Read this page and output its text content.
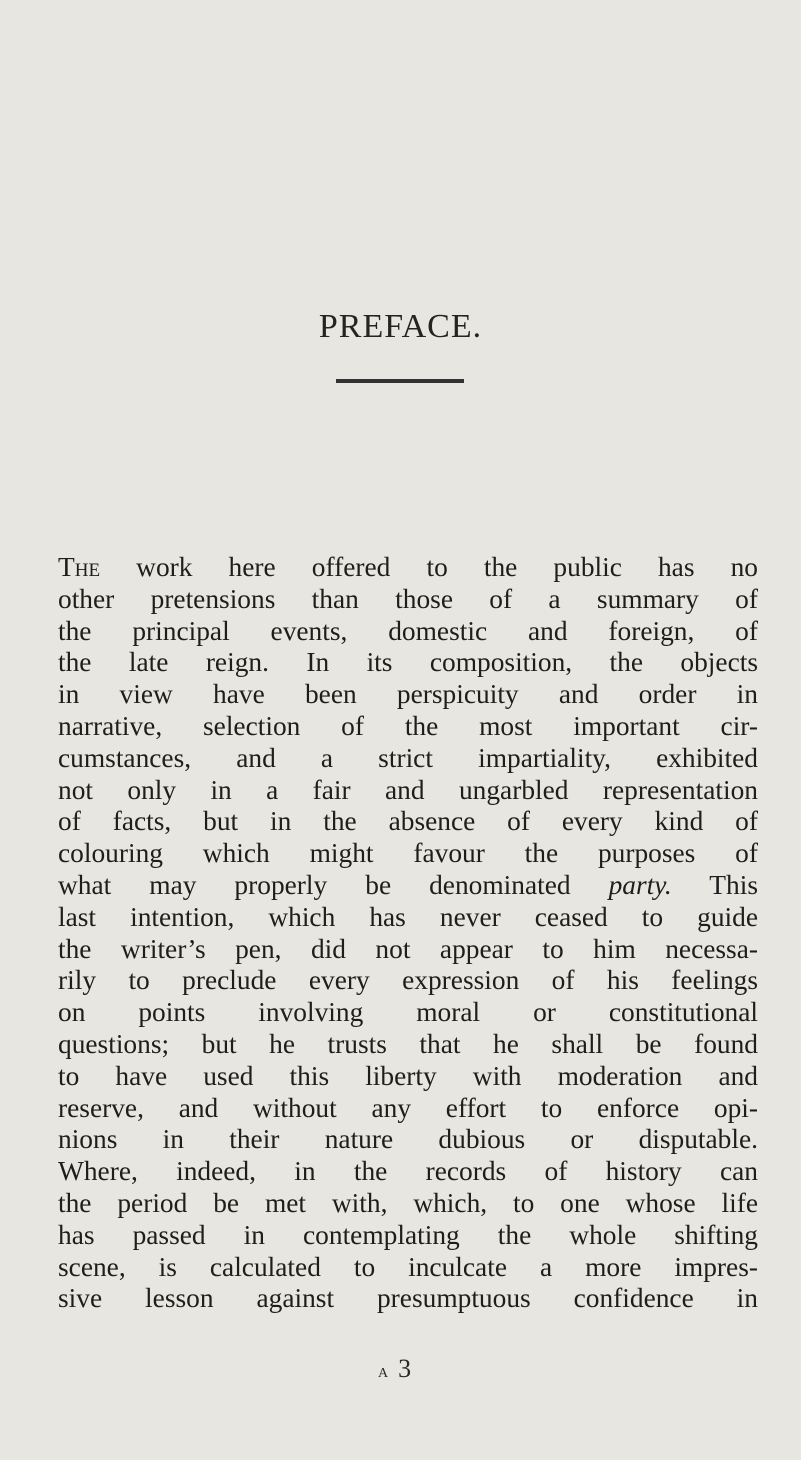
PREFACE.
The work here offered to the public has no
other pretensions than those of a summary of
the principal events, domestic and foreign, of
the late reign. In its composition, the objects
in view have been perspicuity and order in
narrative, selection of the most important cir-
cumstances, and a strict impartiality, exhibited
not only in a fair and ungarbled representation
of facts, but in the absence of every kind of
colouring which might favour the purposes of
what may properly be denominated party. This
last intention, which has never ceased to guide
the writer’s pen, did not appear to him necessa-
rily to preclude every expression of his feelings
on points involving moral or constitutional
questions; but he trusts that he shall be found
to have used this liberty with moderation and
reserve, and without any effort to enforce opi-
nions in their nature dubious or disputable.
Where, indeed, in the records of history can
the period be met with, which, to one whose life
has passed in contemplating the whole shifting
scene, is calculated to inculcate a more impres-
sive lesson against presumptuous confidence in
a 3
